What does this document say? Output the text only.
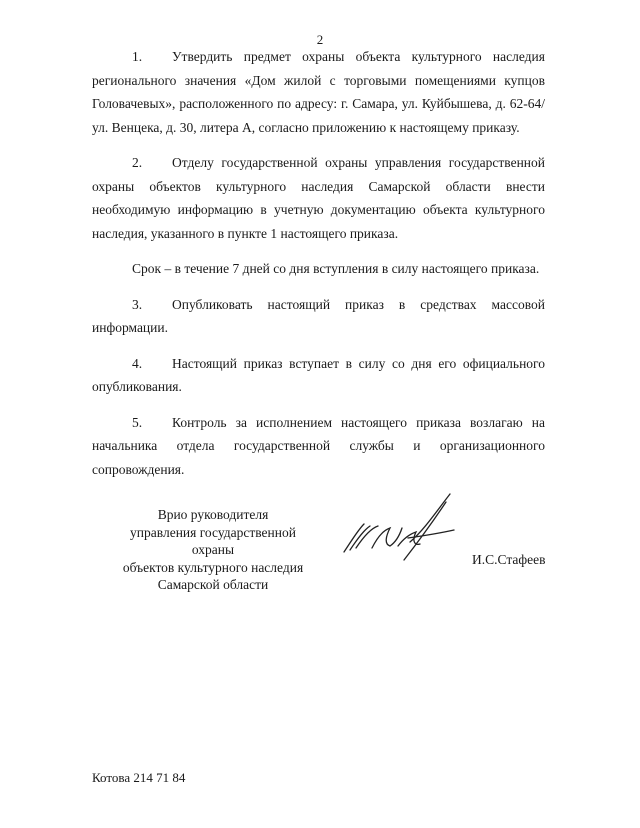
2

1. Утвердить предмет охраны объекта культурного наследия регионального значения «Дом жилой с торговыми помещениями купцов Головачевых», расположенного по адресу: г. Самара, ул. Куйбышева, д. 62-64/ул. Венцека, д. 30, литера А, согласно приложению к настоящему приказу.

2. Отделу государственной охраны управления государственной охраны объектов культурного наследия Самарской области внести необходимую информацию в учетную документацию объекта культурного наследия, указанного в пункте 1 настоящего приказа.

Срок – в течение 7 дней со дня вступления в силу настоящего приказа.

3. Опубликовать настоящий приказ в средствах массовой информации.

4. Настоящий приказ вступает в силу со дня его официального опубликования.

5. Контроль за исполнением настоящего приказа возлагаю на начальника отдела государственной службы и организационного сопровождения.

Врио руководителя
управления государственной охраны
объектов культурного наследия
Самарской области
И.С.Стафеев
Котова 214 71 84
